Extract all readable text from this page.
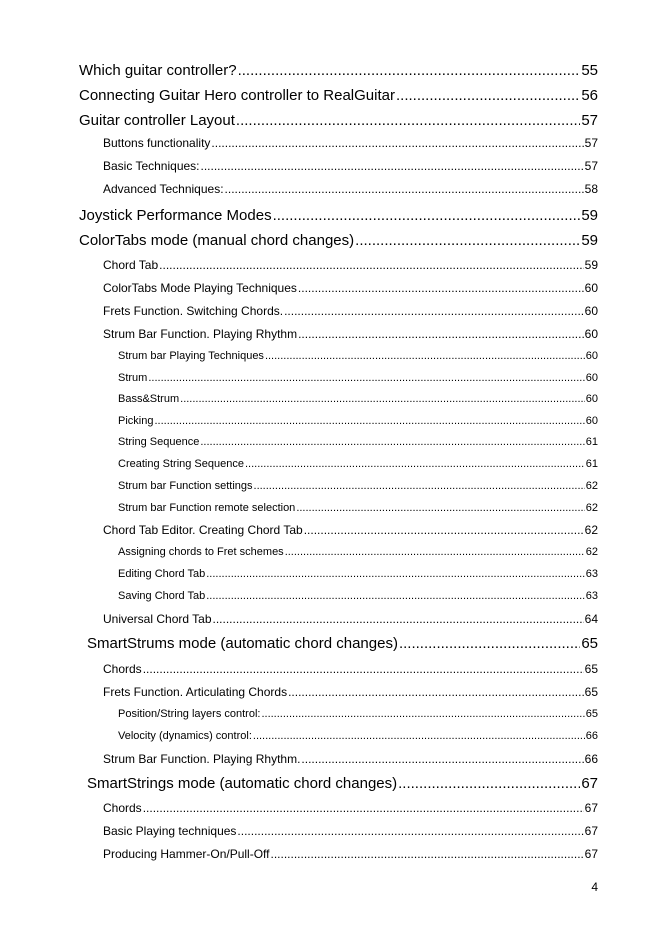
Which guitar controller? .....	55
Connecting Guitar Hero controller to RealGuitar .....	56
Guitar controller Layout .....	57
Buttons functionality .....	57
Basic Techniques: .....	57
Advanced Techniques: .....	58
Joystick Performance Modes .....	59
ColorTabs mode (manual chord changes) .....	59
Chord Tab .....	59
ColorTabs Mode Playing Techniques .....	60
Frets Function. Switching Chords. .....	60
Strum Bar Function. Playing Rhythm .....	60
Strum bar Playing Techniques .....	60
Strum .....	60
Bass&Strum .....	60
Picking .....	60
String Sequence .....	61
Creating String Sequence .....	61
Strum bar Function settings .....	62
Strum bar Function remote selection .....	62
Chord Tab Editor. Creating Chord Tab .....	62
Assigning chords to Fret schemes .....	62
Editing Chord Tab .....	63
Saving Chord Tab .....	63
Universal Chord Tab .....	64
SmartStrums mode (automatic chord changes) .....	65
Chords .....	65
Frets Function. Articulating Chords .....	65
Position/String layers control: .....	65
Velocity (dynamics) control: .....	66
Strum Bar Function. Playing Rhythm. .....	66
SmartStrings mode (automatic chord changes) .....	67
Chords .....	67
Basic Playing techniques .....	67
Producing Hammer-On/Pull-Off .....	67
4
